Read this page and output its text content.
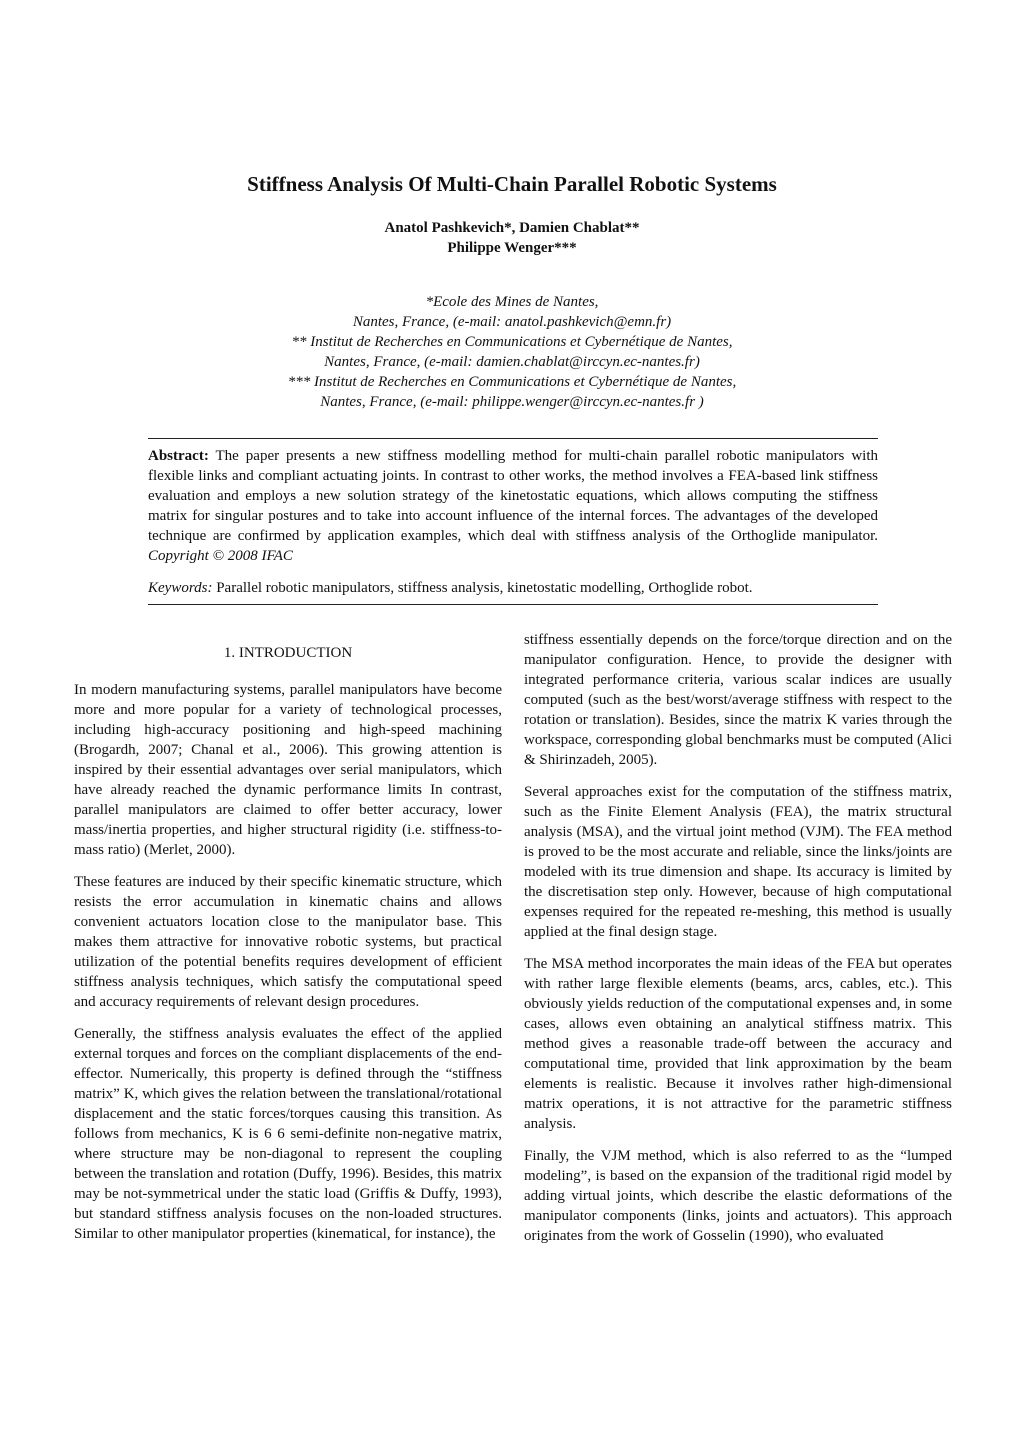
Stiffness Analysis Of Multi-Chain Parallel Robotic Systems
Anatol Pashkevich*, Damien Chablat**
Philippe Wenger***
*Ecole des Mines de Nantes,
Nantes, France, (e-mail: anatol.pashkevich@emn.fr)
** Institut de Recherches en Communications et Cybernétique de Nantes,
Nantes, France, (e-mail: damien.chablat@irccyn.ec-nantes.fr)
*** Institut de Recherches en Communications et Cybernétique de Nantes,
Nantes, France, (e-mail: philippe.wenger@irccyn.ec-nantes.fr )
Abstract: The paper presents a new stiffness modelling method for multi-chain parallel robotic manipulators with flexible links and compliant actuating joints. In contrast to other works, the method involves a FEA-based link stiffness evaluation and employs a new solution strategy of the kinetostatic equations, which allows computing the stiffness matrix for singular postures and to take into account influence of the internal forces. The advantages of the developed technique are confirmed by application examples, which deal with stiffness analysis of the Orthoglide manipulator. Copyright © 2008 IFAC
Keywords: Parallel robotic manipulators, stiffness analysis, kinetostatic modelling, Orthoglide robot.
1. INTRODUCTION

In modern manufacturing systems, parallel manipulators have become more and more popular for a variety of technological processes, including high-accuracy positioning and high-speed machining (Brogardh, 2007; Chanal et al., 2006). This growing attention is inspired by their essential advantages over serial manipulators, which have already reached the dynamic performance limits In contrast, parallel manipulators are claimed to offer better accuracy, lower mass/inertia properties, and higher structural rigidity (i.e. stiffness-to-mass ratio) (Merlet, 2000).

These features are induced by their specific kinematic structure, which resists the error accumulation in kinematic chains and allows convenient actuators location close to the manipulator base. This makes them attractive for innovative robotic systems, but practical utilization of the potential benefits requires development of efficient stiffness analysis techniques, which satisfy the computational speed and accuracy requirements of relevant design procedures.

Generally, the stiffness analysis evaluates the effect of the applied external torques and forces on the compliant displacements of the end-effector. Numerically, this property is defined through the “stiffness matrix” K, which gives the relation between the translational/rotational displacement and the static forces/torques causing this transition. As follows from mechanics, K is 6 6 semi-definite non-negative matrix, where structure may be non-diagonal to represent the coupling between the translation and rotation (Duffy, 1996). Besides, this matrix may be not-symmetrical under the static load (Griffis & Duffy, 1993), but standard stiffness analysis focuses on the non-loaded structures. Similar to other manipulator properties (kinematical, for instance), the

stiffness essentially depends on the force/torque direction and on the manipulator configuration. Hence, to provide the designer with integrated performance criteria, various scalar indices are usually computed (such as the best/worst/average stiffness with respect to the rotation or translation). Besides, since the matrix K varies through the workspace, corresponding global benchmarks must be computed (Alici & Shirinzadeh, 2005).

Several approaches exist for the computation of the stiffness matrix, such as the Finite Element Analysis (FEA), the matrix structural analysis (MSA), and the virtual joint method (VJM). The FEA method is proved to be the most accurate and reliable, since the links/joints are modeled with its true dimension and shape. Its accuracy is limited by the discretisation step only. However, because of high computational expenses required for the repeated re-meshing, this method is usually applied at the final design stage.

The MSA method incorporates the main ideas of the FEA but operates with rather large flexible elements (beams, arcs, cables, etc.). This obviously yields reduction of the computational expenses and, in some cases, allows even obtaining an analytical stiffness matrix. This method gives a reasonable trade-off between the accuracy and computational time, provided that link approximation by the beam elements is realistic. Because it involves rather high-dimensional matrix operations, it is not attractive for the parametric stiffness analysis.

Finally, the VJM method, which is also referred to as the “lumped modeling”, is based on the expansion of the traditional rigid model by adding virtual joints, which describe the elastic deformations of the manipulator components (links, joints and actuators). This approach originates from the work of Gosselin (1990), who evaluated
